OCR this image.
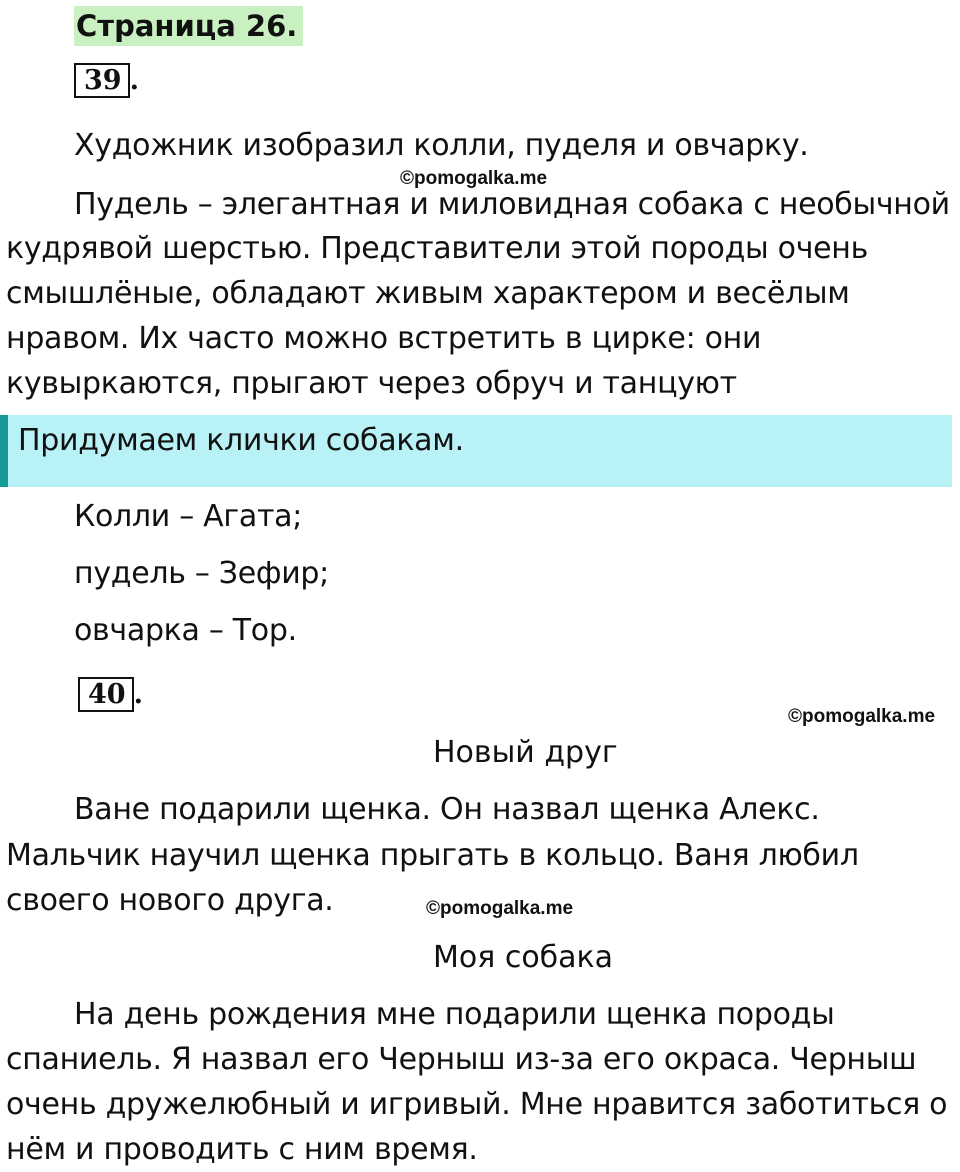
Страница 26.
39 .
Художник изобразил колли, пуделя и овчарку.
©pomogalka.me
Пудель – элегантная и миловидная собака с необычной
кудрявой шерстью. Представители этой породы очень
смышлёные, обладают живым характером и весёлым
нравом. Их часто можно встретить в цирке: они
кувыркаются, прыгают через обруч и танцуют
Придумаем клички собакам.
Колли – Агата;
пудель – Зефир;
овчарка – Тор.
40 .
©pomogalka.me
Новый друг
Ване подарили щенка. Он назвал щенка Алекс.
Мальчик научил щенка прыгать в кольцо. Ваня любил
своего нового друга.	©pomogalka.me
Моя собака
На день рождения мне подарили щенка породы
спаниель. Я назвал его Черныш из-за его окраса. Черныш
очень дружелюбный и игривый. Мне нравится заботиться о
нём и проводить с ним время.
